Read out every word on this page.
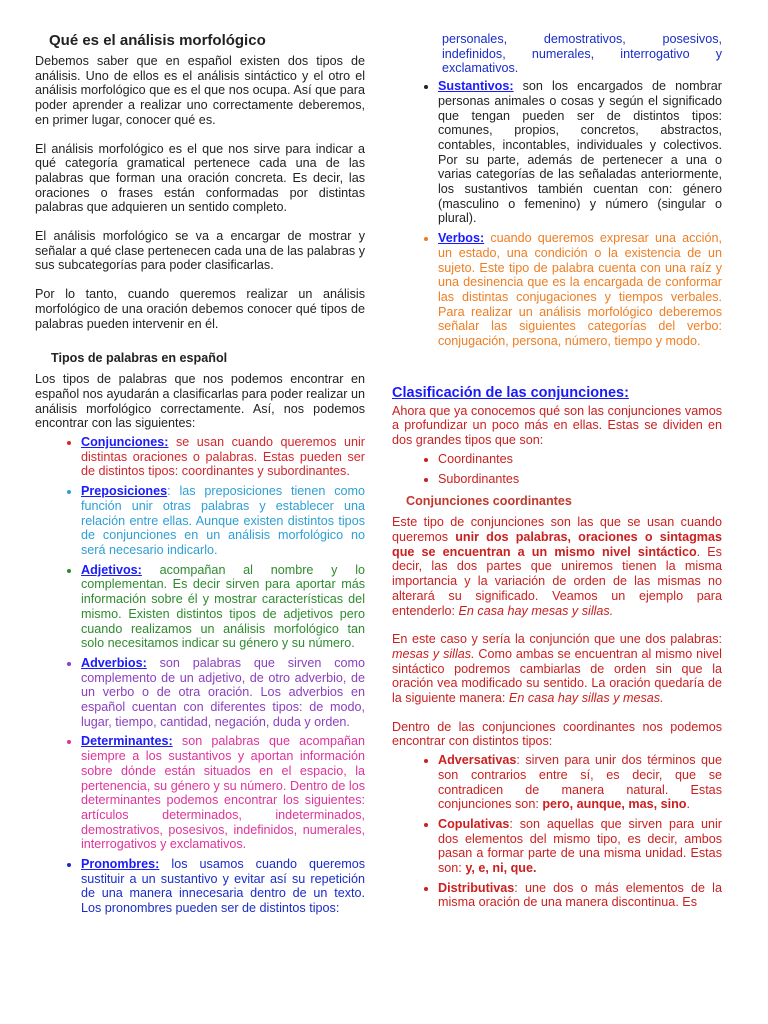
Qué es el análisis morfológico

Debemos saber que en español existen dos tipos de análisis. Uno de ellos es el análisis sintáctico y el otro el análisis morfológico que es el que nos ocupa. Así que para poder aprender a realizar uno correctamente deberemos, en primer lugar, conocer qué es.

El análisis morfológico es el que nos sirve para indicar a qué categoría gramatical pertenece cada una de las palabras que forman una oración concreta. Es decir, las oraciones o frases están conformadas por distintas palabras que adquieren un sentido completo.

El análisis morfológico se va a encargar de mostrar y señalar a qué clase pertenecen cada una de las palabras y sus subcategorías para poder clasificarlas.

Por lo tanto, cuando queremos realizar un análisis morfológico de una oración debemos conocer qué tipos de palabras pueden intervenir en él.

Tipos de palabras en español

Los tipos de palabras que nos podemos encontrar en español nos ayudarán a clasificarlas para poder realizar un análisis morfológico correctamente. Así, nos podemos encontrar con las siguientes:

• Conjunciones: se usan cuando queremos unir distintas oraciones o palabras. Estas pueden ser de distintos tipos: coordinantes y subordinantes.
• Preposiciones: las preposiciones tienen como función unir otras palabras y establecer una relación entre ellas. Aunque existen distintos tipos de conjunciones en un análisis morfológico no será necesario indicarlo.
• Adjetivos: acompañan al nombre y lo complementan. Es decir sirven para aportar más información sobre él y mostrar características del mismo. Existen distintos tipos de adjetivos pero cuando realizamos un análisis morfológico tan solo necesitamos indicar su género y su número.
• Adverbios: son palabras que sirven como complemento de un adjetivo, de otro adverbio, de un verbo o de otra oración. Los adverbios en español cuentan con diferentes tipos: de modo, lugar, tiempo, cantidad, negación, duda y orden.
• Determinantes: son palabras que acompañan siempre a los sustantivos y aportan información sobre dónde están situados en el espacio, la pertenencia, su género y su número. Dentro de los determinantes podemos encontrar los siguientes: artículos determinados, indeterminados, demostrativos, posesivos, indefinidos, numerales, interrogativos y exclamativos.
• Pronombres: los usamos cuando queremos sustituir a un sustantivo y evitar así su repetición de una manera innecesaria dentro de un texto. Los pronombres pueden ser de distintos tipos:
personales, demostrativos, posesivos, indefinidos, numerales, interrogativo y exclamativos.
• Sustantivos: son los encargados de nombrar personas animales o cosas y según el significado que tengan pueden ser de distintos tipos: comunes, propios, concretos, abstractos, contables, incontables, individuales y colectivos. Por su parte, además de pertenecer a una o varias categorías de las señaladas anteriormente, los sustantivos también cuentan con: género (masculino o femenino) y número (singular o plural).
• Verbos: cuando queremos expresar una acción, un estado, una condición o la existencia de un sujeto. Este tipo de palabra cuenta con una raíz y una desinencia que es la encargada de conformar las distintas conjugaciones y tiempos verbales. Para realizar un análisis morfológico deberemos señalar las siguientes categorías del verbo: conjugación, persona, número, tiempo y modo.
Clasificación de las conjunciones:

Ahora que ya conocemos qué son las conjunciones vamos a profundizar un poco más en ellas. Estas se dividen en dos grandes tipos que son:

• Coordinantes
• Subordinantes
Conjunciones coordinantes

Este tipo de conjunciones son las que se usan cuando queremos unir dos palabras, oraciones o sintagmas que se encuentran a un mismo nivel sintáctico. Es decir, las dos partes que uniremos tienen la misma importancia y la variación de orden de las mismas no alterará su significado. Veamos un ejemplo para entenderlo: En casa hay mesas y sillas.

En este caso y sería la conjunción que une dos palabras: mesas y sillas. Como ambas se encuentran al mismo nivel sintáctico podremos cambiarlas de orden sin que la oración vea modificado su sentido. La oración quedaría de la siguiente manera: En casa hay sillas y mesas.

Dentro de las conjunciones coordinantes nos podemos encontrar con distintos tipos:

• Adversativas: sirven para unir dos términos que son contrarios entre sí, es decir, que se contradicen de manera natural. Estas conjunciones son: pero, aunque, mas, sino.
• Copulativas: son aquellas que sirven para unir dos elementos del mismo tipo, es decir, ambos pasan a formar parte de una misma unidad. Estas son: y, e, ni, que.
• Distributivas: une dos o más elementos de la misma oración de una manera discontinua. Es
